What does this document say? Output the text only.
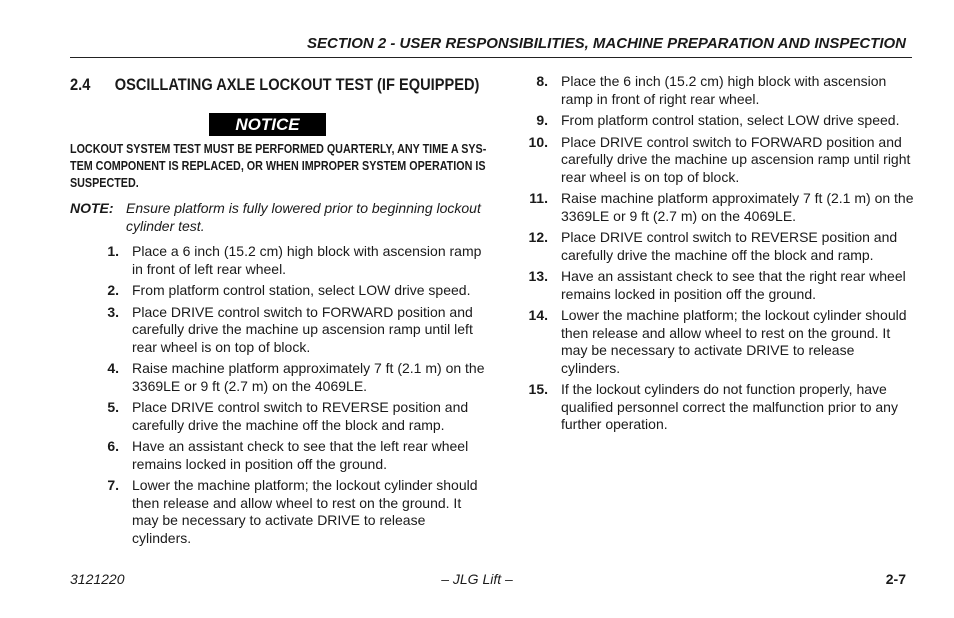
SECTION 2 - USER RESPONSIBILITIES, MACHINE PREPARATION AND INSPECTION
2.4 OSCILLATING AXLE LOCKOUT TEST (IF EQUIPPED)
NOTICE
LOCKOUT SYSTEM TEST MUST BE PERFORMED QUARTERLY, ANY TIME A SYS-TEM COMPONENT IS REPLACED, OR WHEN IMPROPER SYSTEM OPERATION IS SUSPECTED.
NOTE: Ensure platform is fully lowered prior to beginning lockout cylinder test.
1. Place a 6 inch (15.2 cm) high block with ascension ramp in front of left rear wheel.
2. From platform control station, select LOW drive speed.
3. Place DRIVE control switch to FORWARD position and carefully drive the machine up ascension ramp until left rear wheel is on top of block.
4. Raise machine platform approximately 7 ft (2.1 m) on the 3369LE or 9 ft (2.7 m) on the 4069LE.
5. Place DRIVE control switch to REVERSE position and carefully drive the machine off the block and ramp.
6. Have an assistant check to see that the left rear wheel remains locked in position off the ground.
7. Lower the machine platform; the lockout cylinder should then release and allow wheel to rest on the ground. It may be necessary to activate DRIVE to release cylinders.
8. Place the 6 inch (15.2 cm) high block with ascension ramp in front of right rear wheel.
9. From platform control station, select LOW drive speed.
10. Place DRIVE control switch to FORWARD position and carefully drive the machine up ascension ramp until right rear wheel is on top of block.
11. Raise machine platform approximately 7 ft (2.1 m) on the 3369LE or 9 ft (2.7 m) on the 4069LE.
12. Place DRIVE control switch to REVERSE position and carefully drive the machine off the block and ramp.
13. Have an assistant check to see that the right rear wheel remains locked in position off the ground.
14. Lower the machine platform; the lockout cylinder should then release and allow wheel to rest on the ground. It may be necessary to activate DRIVE to release cylinders.
15. If the lockout cylinders do not function properly, have qualified personnel correct the malfunction prior to any further operation.
3121220	– JLG Lift –	2-7
